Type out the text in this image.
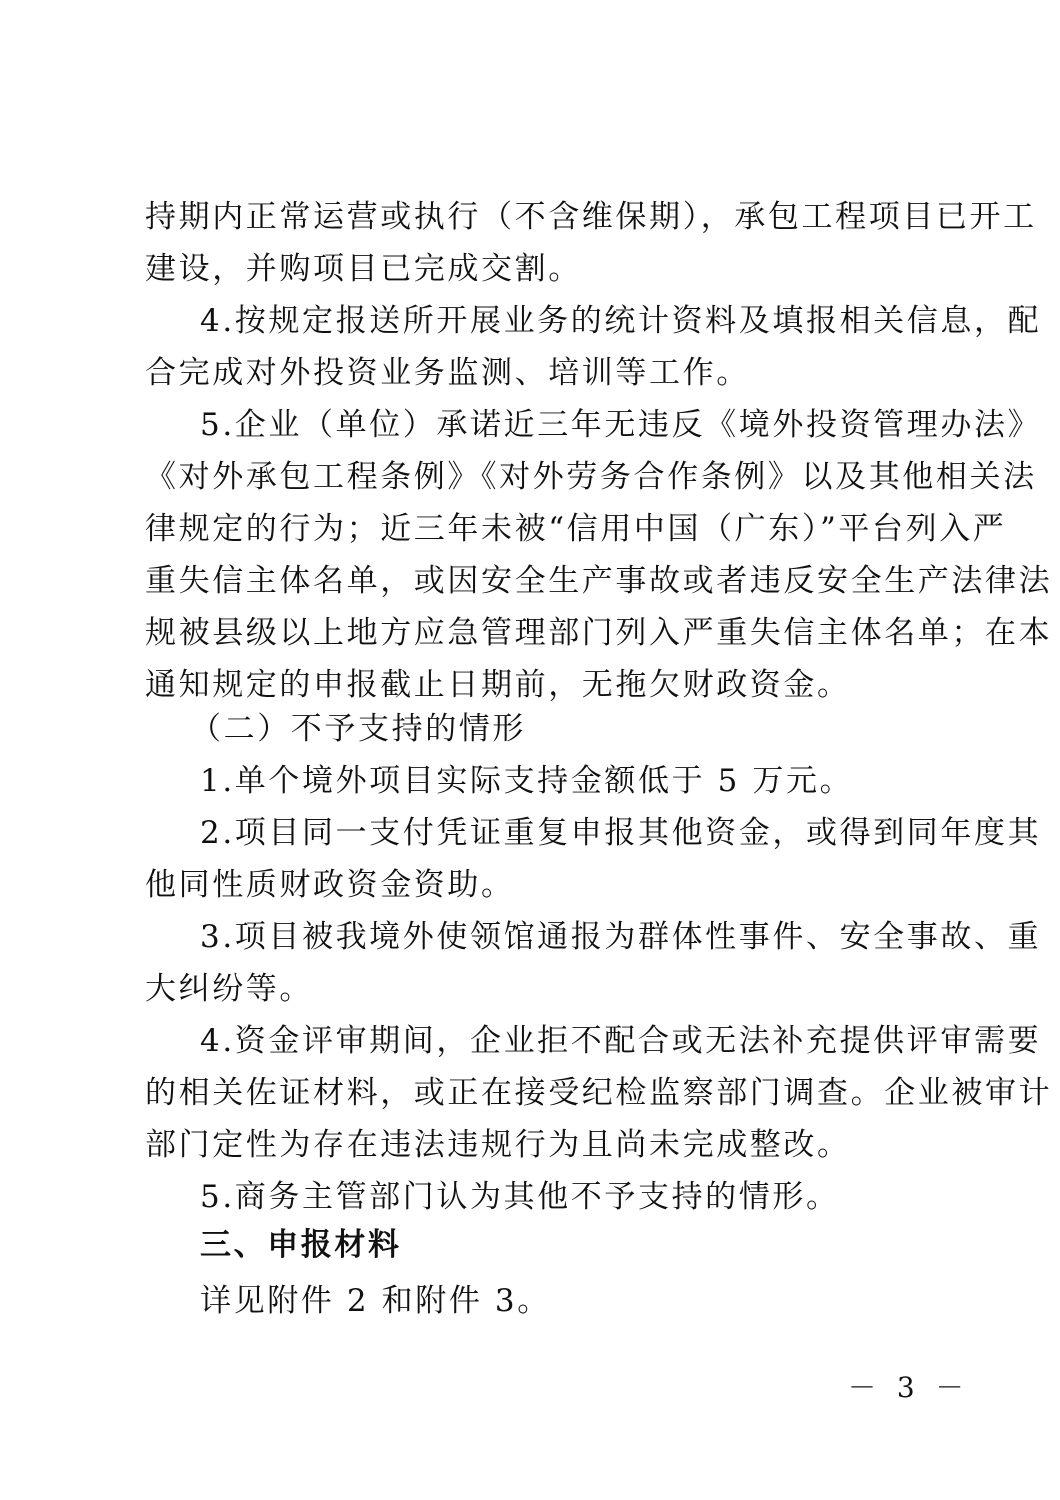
持期内正常运营或执行（不含维保期），承包工程项目已开工
建设，并购项目已完成交割。
4.按规定报送所开展业务的统计资料及填报相关信息，配
合完成对外投资业务监测、培训等工作。
5.企业（单位）承诺近三年无违反《境外投资管理办法》
《对外承包工程条例》《对外劳务合作条例》以及其他相关法
律规定的行为；近三年未被“信用中国（广东）”平台列入严
重失信主体名单，或因安全生产事故或者违反安全生产法律法
规被县级以上地方应急管理部门列入严重失信主体名单；在本
通知规定的申报截止日期前，无拖欠财政资金。
（二）不予支持的情形
1.单个境外项目实际支持金额低于 5 万元。
2.项目同一支付凭证重复申报其他资金，或得到同年度其
他同性质财政资金资助。
3.项目被我境外使领馆通报为群体性事件、安全事故、重
大纠纷等。
4.资金评审期间，企业拒不配合或无法补充提供评审需要
的相关佐证材料，或正在接受纪检监察部门调查。企业被审计
部门定性为存在违法违规行为且尚未完成整改。
5.商务主管部门认为其他不予支持的情形。
三、申报材料
详见附件 2 和附件 3。
－ 3 －
